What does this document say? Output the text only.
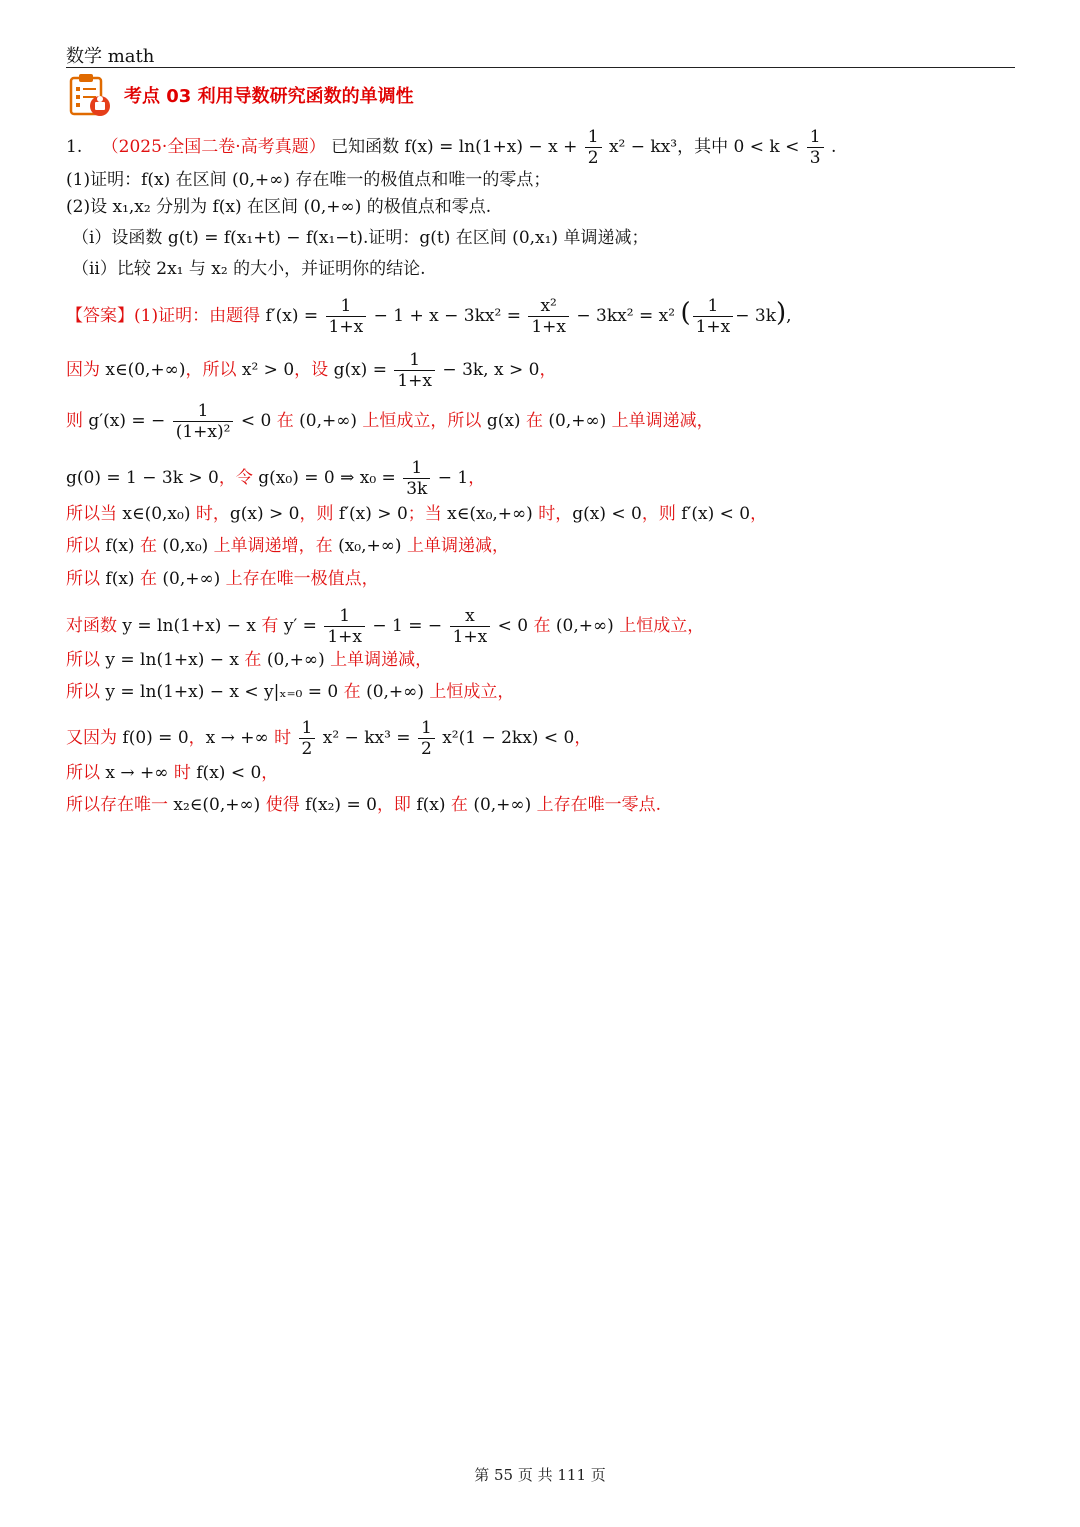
数学 math
考点 03 利用导数研究函数的单调性
1. （2025·全国二卷·高考真题） 已知函数 $f(x) = \ln(1+x) - x + \frac{1}{2} x^2 - kx^3$，其中 $0 < k < \frac{1}{3}$ .
(1)证明：f(x) 在区间 (0,+∞) 存在唯一的极值点和唯一的零点；
(2)设 x₁,x₂ 分别为 f(x) 在区间 (0,+∞) 的极值点和零点.
（i）设函数 g(t) = f(x₁+t) − f(x₁−t).证明：g(t) 在区间 (0,x₁) 单调递减；
（ii）比较 2x₁ 与 x₂ 的大小，并证明你的结论.
【答案】(1)证明：由题得 $f'(x) = \frac{1}{1+x} - 1 + x - 3kx^2 = \frac{\text{x²}}{1+x} - 3kx^2 = x^2$ ( $\frac{1}{1+x} - 3k$),
因为 x∈(0,+∞)，所以 x² > 0，设 $g(x) = \frac{1}{1+x} - 3k$, x > 0，
则 g′(x) = − $\frac{1}{\text{(1+x)²}} < 0$ 在 (0,+∞) 上恒成立，所以 g(x) 在 (0,+∞) 上单调递减，
g(0) = 1 − 3k > 0，令 g(x₀) = 0 ⇒ $x_0 = \frac{1}{3k} - 1$，
所以当 x∈(0,x₀) 时，g(x) > 0，则 f′(x) > 0；当 x∈(x₀,+∞) 时，g(x) < 0，则 f′(x) < 0，
所以 f(x) 在 (0,x₀) 上单调递增，在 (x₀,+∞) 上单调递减，
所以 f(x) 在 (0,+∞) 上存在唯一极值点，
对函数 y = ln(1+x) − x 有 $y' = \frac{1}{1+x} - 1$ = − $\frac{x}{1+x} < 0$ 在 (0,+∞) 上恒成立，
所以 y = ln(1+x) − x 在 (0,+∞) 上单调递减，
所以 y = ln(1+x) − x < y|ₓ₌₀ = 0 在 (0,+∞) 上恒成立，
又因为 f(0) = 0，x → +∞ 时 $\frac{1}{2} x^2 - kx^3 = \frac{1}{2} x^2(1 - 2kx) < 0$，
所以 x → +∞ 时 f(x) < 0，
所以存在唯一 x₂∈(0,+∞) 使得 f(x₂) = 0，即 f(x) 在 (0,+∞) 上存在唯一零点.
第 55 页 共 111 页
